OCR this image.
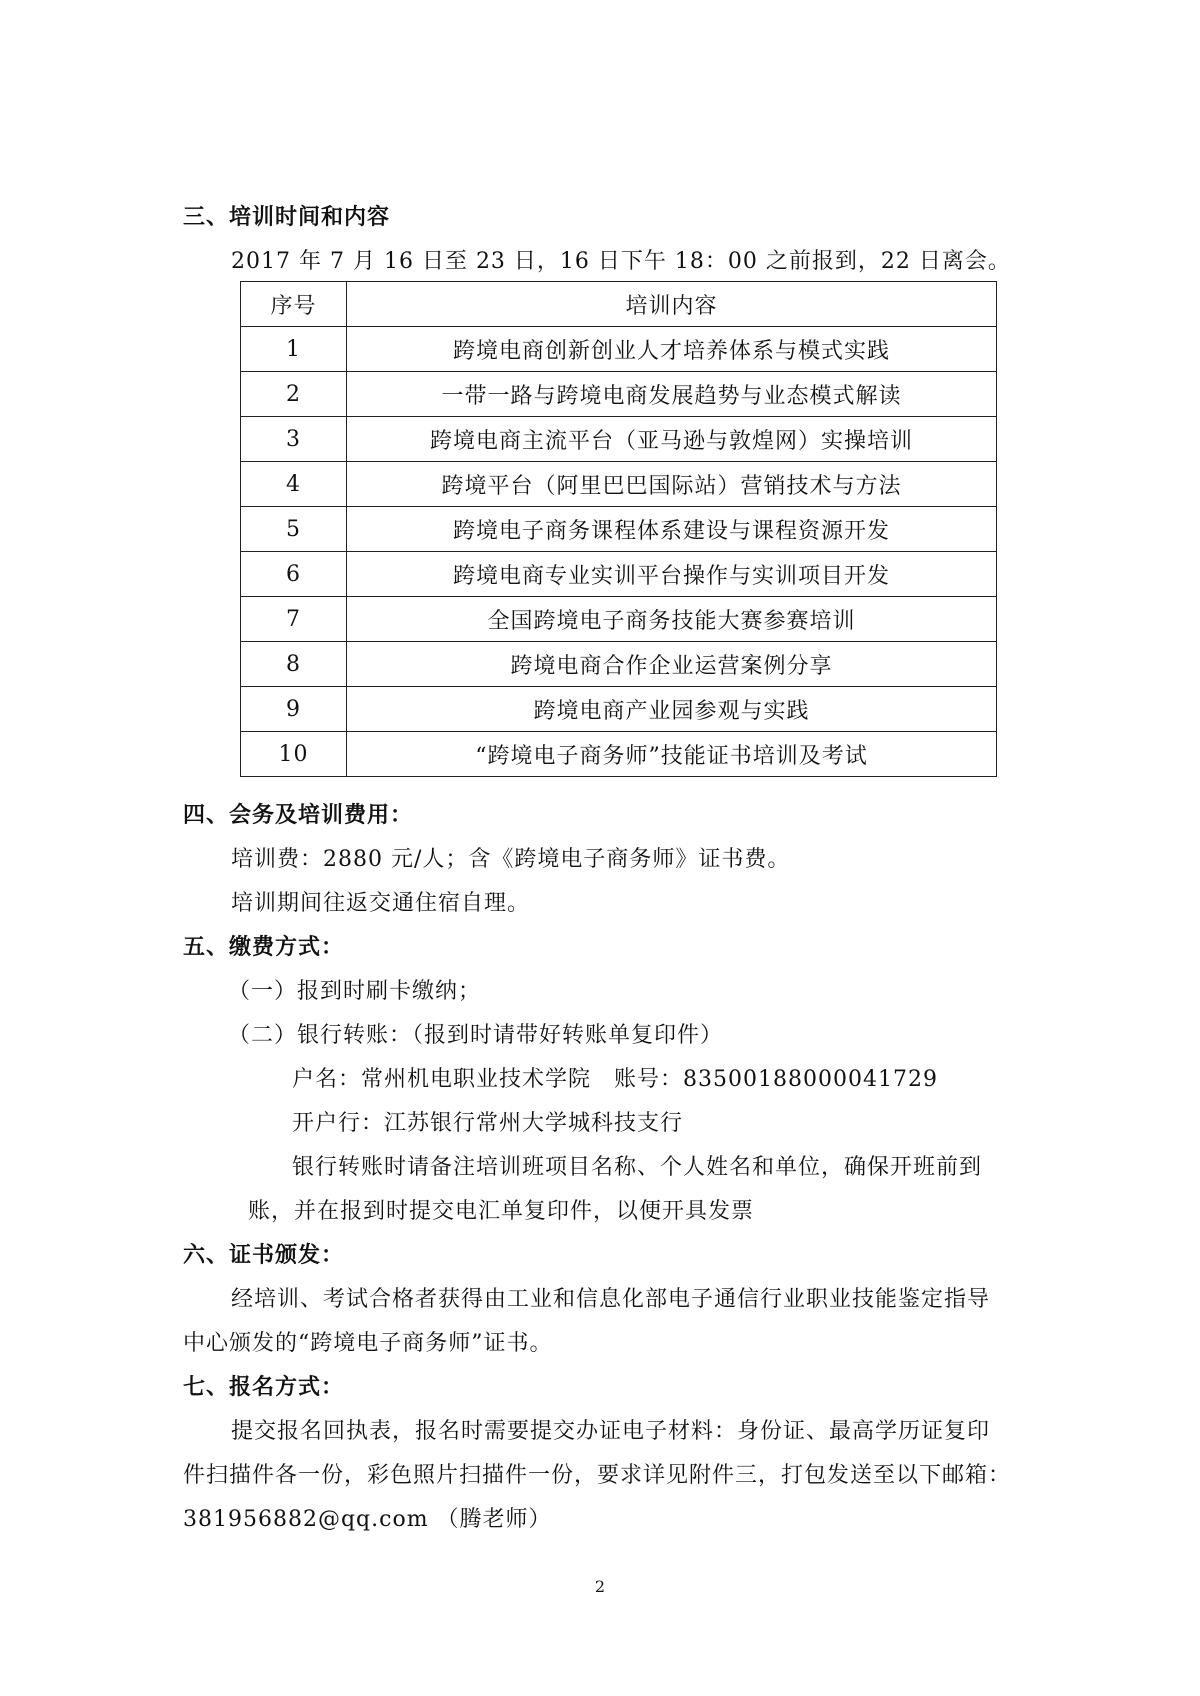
三、培训时间和内容
2017 年 7 月 16 日至 23 日，16 日下午 18：00 之前报到，22 日离会。
序号	培训内容
1	跨境电商创新创业人才培养体系与模式实践
2	一带一路与跨境电商发展趋势与业态模式解读
3	跨境电商主流平台（亚马逊与敦煌网）实操培训
4	跨境平台（阿里巴巴国际站）营销技术与方法
5	跨境电子商务课程体系建设与课程资源开发
6	跨境电商专业实训平台操作与实训项目开发
7	全国跨境电子商务技能大赛参赛培训
8	跨境电商合作企业运营案例分享
9	跨境电商产业园参观与实践
10	“跨境电子商务师”技能证书培训及考试
四、会务及培训费用：
培训费：2880 元/人；含《跨境电子商务师》证书费。
培训期间往返交通住宿自理。
五、缴费方式：
（一）报到时刷卡缴纳；
（二）银行转账：（报到时请带好转账单复印件）
户名：常州机电职业技术学院　账号：83500188000041729
开户行：江苏银行常州大学城科技支行
银行转账时请备注培训班项目名称、个人姓名和单位，确保开班前到
账，并在报到时提交电汇单复印件，以便开具发票
六、证书颁发：
经培训、考试合格者获得由工业和信息化部电子通信行业职业技能鉴定指导
中心颁发的“跨境电子商务师”证书。
七、报名方式：
提交报名回执表，报名时需要提交办证电子材料：身份证、最高学历证复印
件扫描件各一份，彩色照片扫描件一份，要求详见附件三，打包发送至以下邮箱：
381956882@qq.com （腾老师）
2
